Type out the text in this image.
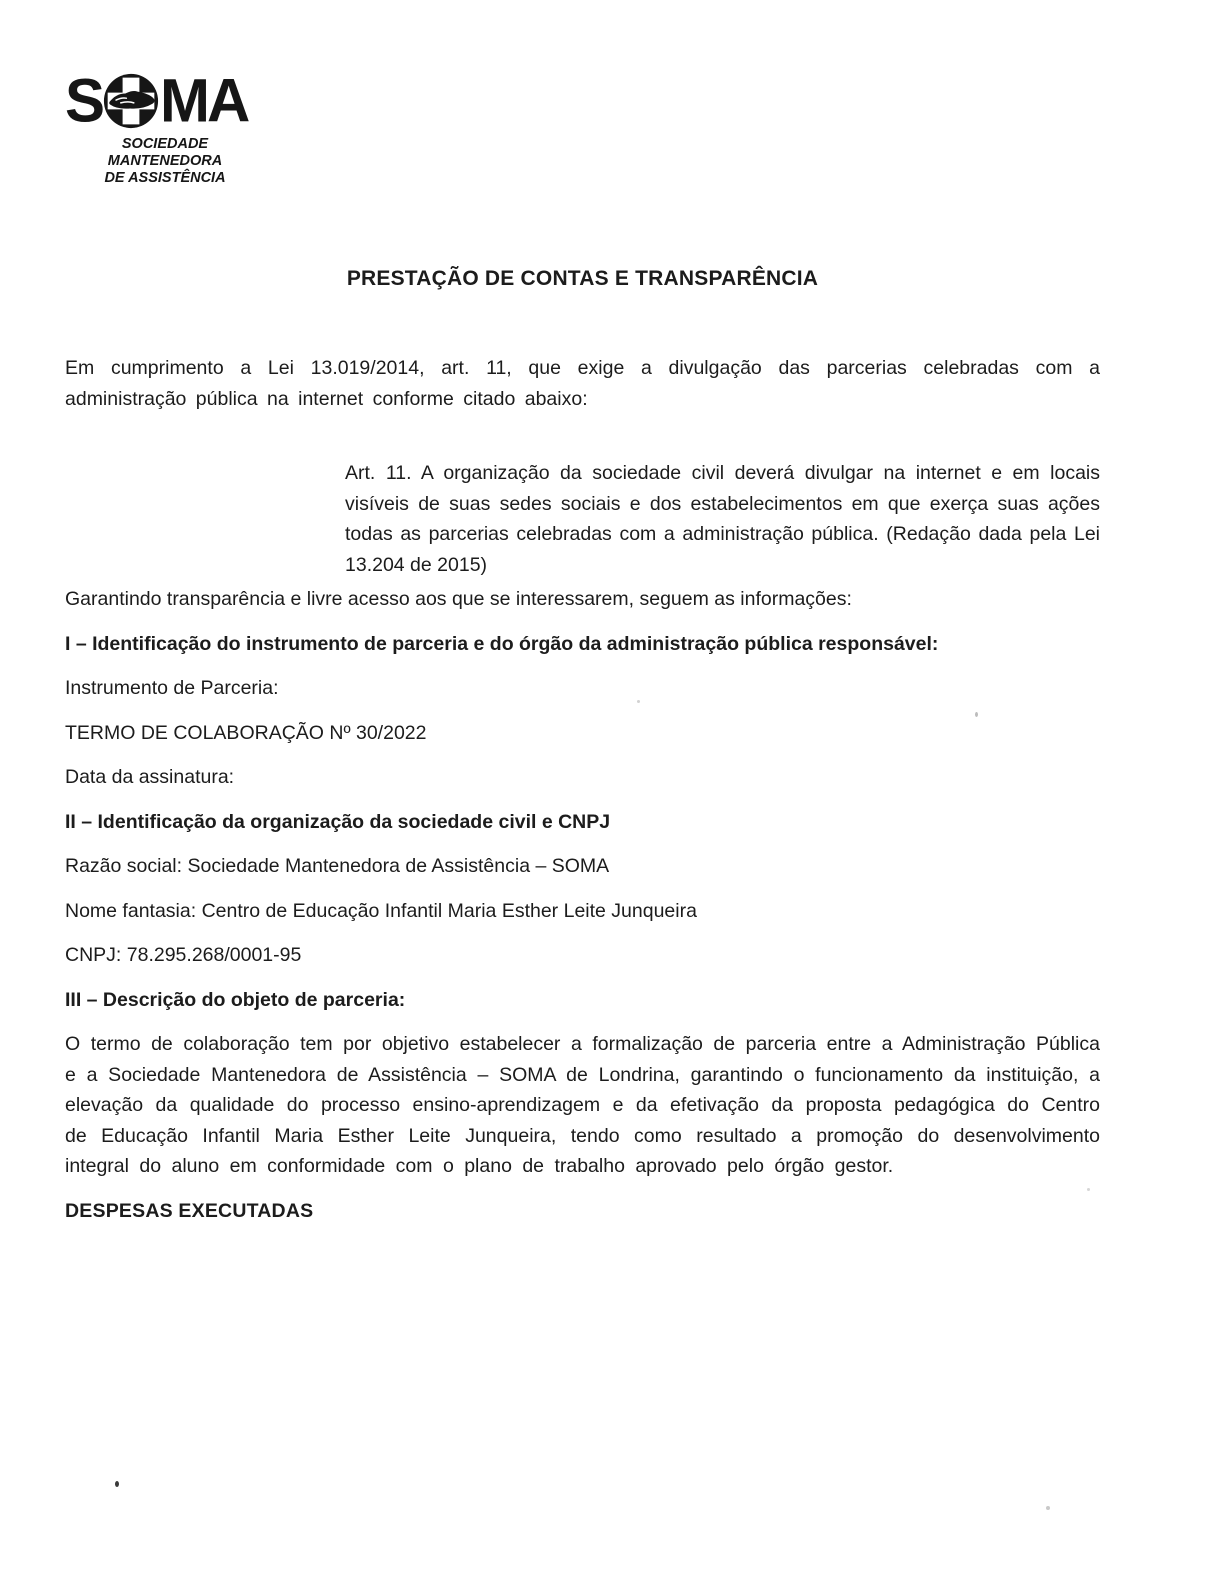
S MA
SOCIEDADE MANTENEDORA
DE ASSISTÊNCIA
PRESTAÇÃO DE CONTAS E TRANSPARÊNCIA

Em cumprimento a Lei 13.019/2014, art. 11, que exige a divulgação das parcerias celebradas com a administração pública na internet conforme citado abaixo:

Art. 11. A organização da sociedade civil deverá divulgar na internet e em locais visíveis de suas sedes sociais e dos estabelecimentos em que exerça suas ações todas as parcerias celebradas com a administração pública. (Redação dada pela Lei 13.204 de 2015)

Garantindo transparência e livre acesso aos que se interessarem, seguem as informações:

I – Identificação do instrumento de parceria e do órgão da administração pública responsável:

Instrumento de Parceria:

TERMO DE COLABORAÇÃO Nº 30/2022

Data da assinatura:

II – Identificação da organização da sociedade civil e CNPJ

Razão social: Sociedade Mantenedora de Assistência – SOMA

Nome fantasia: Centro de Educação Infantil Maria Esther Leite Junqueira

CNPJ: 78.295.268/0001-95

III – Descrição do objeto de parceria:

O termo de colaboração tem por objetivo estabelecer a formalização de parceria entre a Administração Pública e a Sociedade Mantenedora de Assistência – SOMA de Londrina, garantindo o funcionamento da instituição, a elevação da qualidade do processo ensino-aprendizagem e da efetivação da proposta pedagógica do Centro de Educação Infantil Maria Esther Leite Junqueira, tendo como resultado a promoção do desenvolvimento integral do aluno em conformidade com o plano de trabalho aprovado pelo órgão gestor.

DESPESAS EXECUTADAS
